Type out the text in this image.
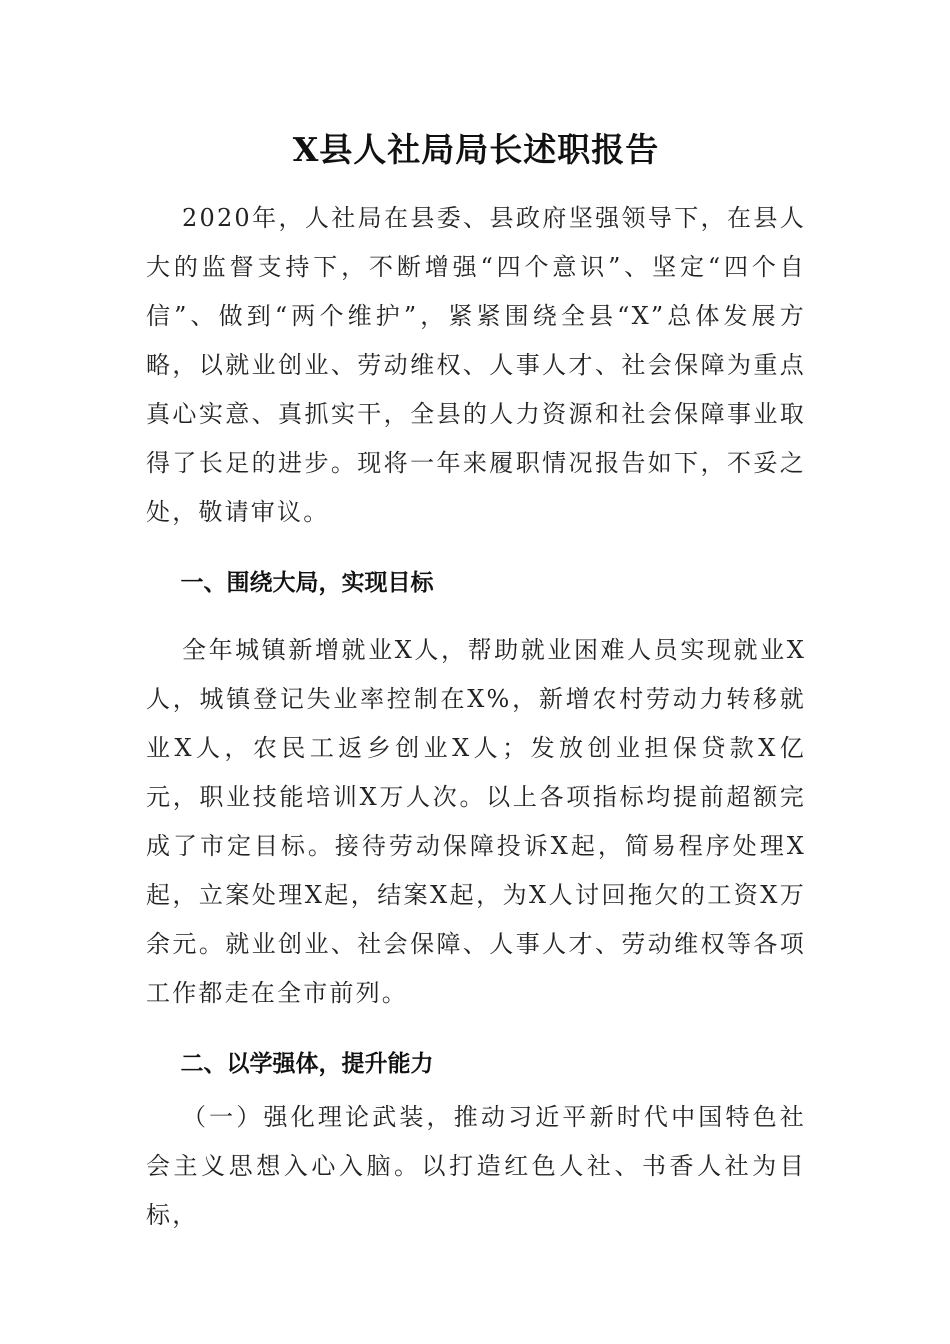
X县人社局局长述职报告

2020年，人社局在县委、县政府坚强领导下，在县人大的监督支持下，不断增强“四个意识”、坚定“四个自信”、做到“两个维护”，紧紧围绕全县“X”总体发展方略，以就业创业、劳动维权、人事人才、社会保障为重点真心实意、真抓实干，全县的人力资源和社会保障事业取得了长足的进步。现将一年来履职情况报告如下，不妥之处，敬请审议。

一、围绕大局，实现目标

全年城镇新增就业X人，帮助就业困难人员实现就业X人，城镇登记失业率控制在X%，新增农村劳动力转移就业X人，农民工返乡创业X人；发放创业担保贷款X亿元，职业技能培训X万人次。以上各项指标均提前超额完成了市定目标。接待劳动保障投诉X起，简易程序处理X起，立案处理X起，结案X起，为X人讨回拖欠的工资X万余元。就业创业、社会保障、人事人才、劳动维权等各项工作都走在全市前列。

二、以学强体，提升能力

（一）强化理论武装，推动习近平新时代中国特色社会主义思想入心入脑。以打造红色人社、书香人社为目标，
